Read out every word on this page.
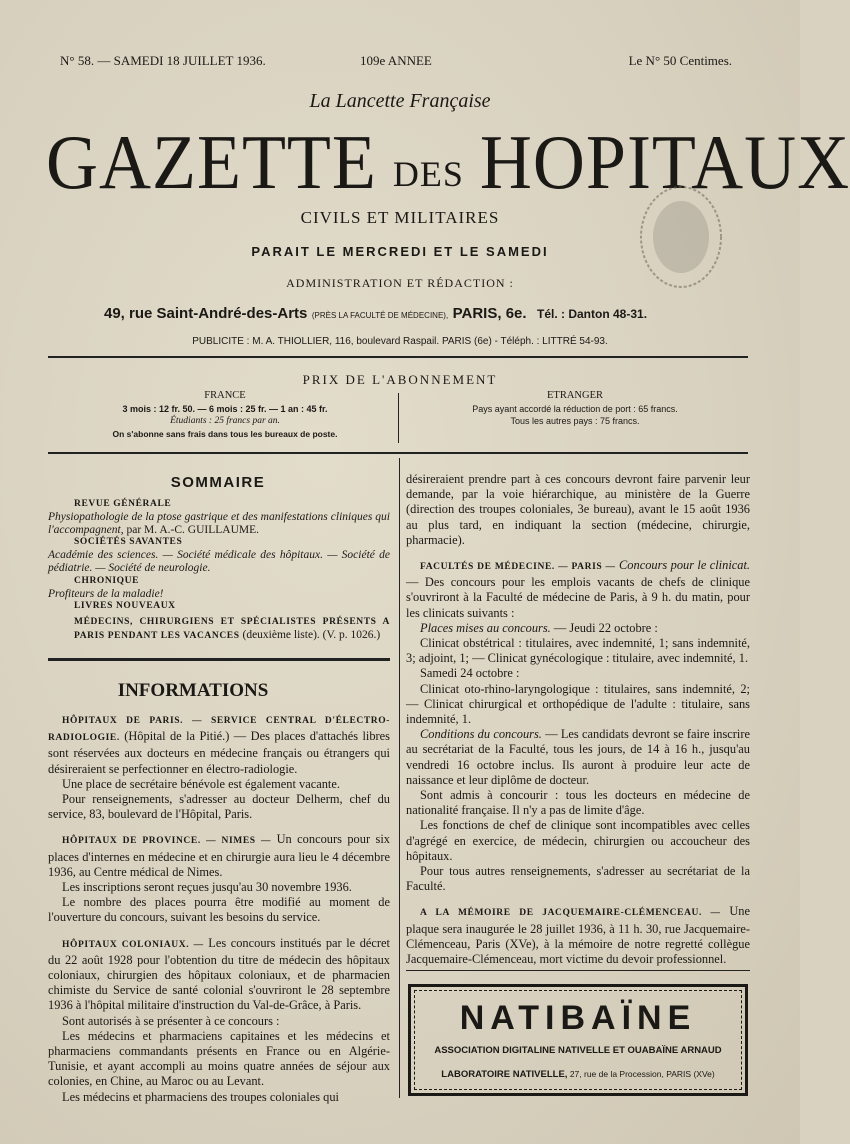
N° 58. — SAMEDI 18 JUILLET 1936.	109e ANNEE	Le N° 50 Centimes.
La Lancette Française
GAZETTE DES HOPITAUX
CIVILS ET MILITAIRES
PARAIT LE MERCREDI ET LE SAMEDI
ADMINISTRATION ET RÉDACTION :
49, rue Saint-André-des-Arts (PRÈS LA FACULTÉ DE MÉDECINE), PARIS, 6e. Tél. : Danton 48-31.
PUBLICITE : M. A. THIOLLIER, 116, boulevard Raspail. PARIS (6e) - Téléph. : LITTRÉ 54-93.
PRIX DE L'ABONNEMENT
FRANCE
3 mois : 12 fr. 50. — 6 mois : 25 fr. — 1 an : 45 fr.
Étudiants : 25 francs par an.
On s'abonne sans frais dans tous les bureaux de poste.
ETRANGER
Pays ayant accordé la réduction de port : 65 francs.
Tous les autres pays : 75 francs.
SOMMAIRE
REVUE GÉNÉRALE
Physiopathologie de la ptose gastrique et des manifestations cliniques qui l'accompagnent, par M. A.-C. GUILLAUME.
SOCIÉTÉS SAVANTES
Académie des sciences. — Société médicale des hôpitaux. — Société de pédiatrie. — Société de neurologie.
CHRONIQUE
Profiteurs de la maladie!
LIVRES NOUVEAUX
MÉDECINS, CHIRURGIENS ET SPÉCIALISTES PRÉSENTS A PARIS PENDANT LES VACANCES (deuxième liste). (V. p. 1026.)
INFORMATIONS

HÔPITAUX DE PARIS. — SERVICE CENTRAL D'ÉLECTRO-RADIOLOGIE. (Hôpital de la Pitié.) — Des places d'attachés libres sont réservées aux docteurs en médecine français ou étrangers qui désireraient se perfectionner en électro-radiologie.

Une place de secrétaire bénévole est également vacante.

Pour renseignements, s'adresser au docteur Delherm, chef du service, 83, boulevard de l'Hôpital, Paris.

HÔPITAUX DE PROVINCE. — NIMES — Un concours pour six places d'internes en médecine et en chirurgie aura lieu le 4 décembre 1936, au Centre médical de Nimes.

Les inscriptions seront reçues jusqu'au 30 novembre 1936.

Le nombre des places pourra être modifié au moment de l'ouverture du concours, suivant les besoins du service.

HÔPITAUX COLONIAUX. — Les concours institués par le décret du 22 août 1928 pour l'obtention du titre de médecin des hôpitaux coloniaux, chirurgien des hôpitaux coloniaux, et de pharmacien chimiste du Service de santé colonial s'ouvriront le 28 septembre 1936 à l'hôpital militaire d'instruction du Val-de-Grâce, à Paris.

Sont autorisés à se présenter à ce concours :

Les médecins et pharmaciens capitaines et les médecins et pharmaciens commandants présents en France ou en Algérie-Tunisie, et ayant accompli au moins quatre années de séjour aux colonies, en Chine, au Maroc ou au Levant.

Les médecins et pharmaciens des troupes coloniales qui

désireraient prendre part à ces concours devront faire parvenir leur demande, par la voie hiérarchique, au ministère de la Guerre (direction des troupes coloniales, 3e bureau), avant le 15 août 1936 au plus tard, en indiquant la section (médecine, chirurgie, pharmacie).

FACULTÉS DE MÉDECINE. — PARIS — Concours pour le clinicat. — Des concours pour les emplois vacants de chefs de clinique s'ouvriront à la Faculté de médecine de Paris, à 9 h. du matin, pour les clinicats suivants :

Places mises au concours. — Jeudi 22 octobre :

Clinicat obstétrical : titulaires, avec indemnité, 1; sans indemnité, 3; adjoint, 1; — Clinicat gynécologique : titulaire, avec indemnité, 1.

Samedi 24 octobre :

Clinicat oto-rhino-laryngologique : titulaires, sans indemnité, 2; — Clinicat chirurgical et orthopédique de l'adulte : titulaire, sans indemnité, 1.

Conditions du concours. — Les candidats devront se faire inscrire au secrétariat de la Faculté, tous les jours, de 14 à 16 h., jusqu'au vendredi 16 octobre inclus. Ils auront à produire leur acte de naissance et leur diplôme de docteur.

Sont admis à concourir : tous les docteurs en médecine de nationalité française. Il n'y a pas de limite d'âge.

Les fonctions de chef de clinique sont incompatibles avec celles d'agrégé en exercice, de médecin, chirurgien ou accoucheur des hôpitaux.

Pour tous autres renseignements, s'adresser au secrétariat de la Faculté.

A LA MÉMOIRE DE JACQUEMAIRE-CLÉMENCEAU. — Une plaque sera inaugurée le 28 juillet 1936, à 11 h. 30, rue Jacquemaire-Clémenceau, Paris (XVe), à la mémoire de notre regretté collègue Jacquemaire-Clémenceau, mort victime du devoir professionnel.

NATIBAÏNE
ASSOCIATION DIGITALINE NATIVELLE ET OUABAÏNE ARNAUD
LABORATOIRE NATIVELLE, 27, rue de la Procession, PARIS (XVe)
